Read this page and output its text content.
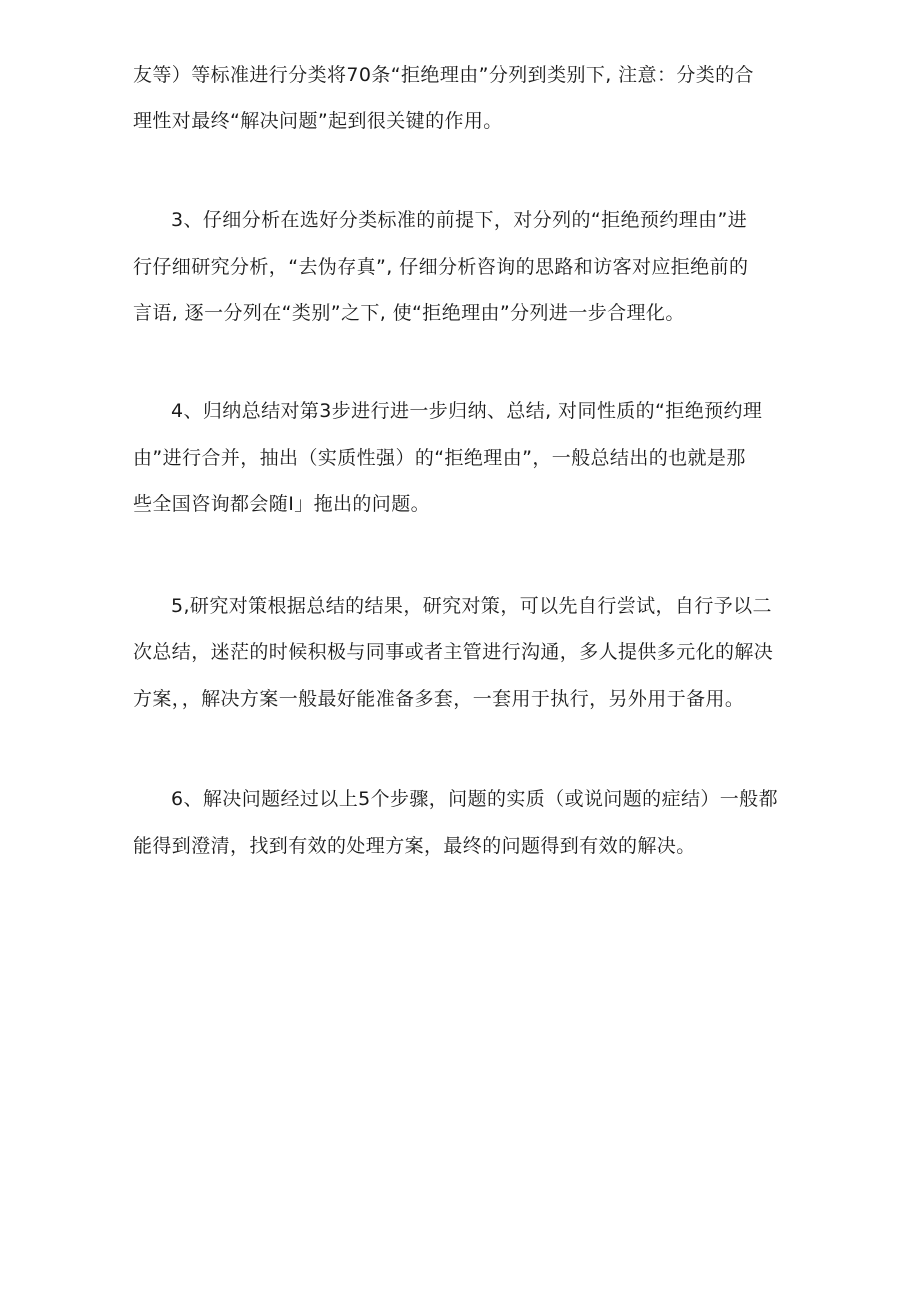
友等）等标准进行分类将70条“拒绝理由”分列到类别下, 注意：分类的合
理性对最终“解决问题”起到很关键的作用。
3、仔细分析在选好分类标准的前提下，对分列的“拒绝预约理由”进
行仔细研究分析，“去伪存真”, 仔细分析咨询的思路和访客对应拒绝前的
言语, 逐一分列在“类别”之下, 使“拒绝理由”分列进一步合理化。
4、归纳总结对第3步进行进一步归纳、总结, 对同性质的“拒绝预约理
由”进行合并，抽出（实质性强）的“拒绝理由”，一般总结出的也就是那
些全国咨询都会随I」拖出的问题。
5,研究对策根据总结的结果，研究对策，可以先自行尝试，自行予以二
次总结，迷茫的时候积极与同事或者主管进行沟通，多人提供多元化的解决
方案，，解决方案一般最好能准备多套，一套用于执行，另外用于备用。
6、解决问题经过以上5个步骤，问题的实质（或说问题的症结）一般都
能得到澄清，找到有效的处理方案，最终的问题得到有效的解决。
